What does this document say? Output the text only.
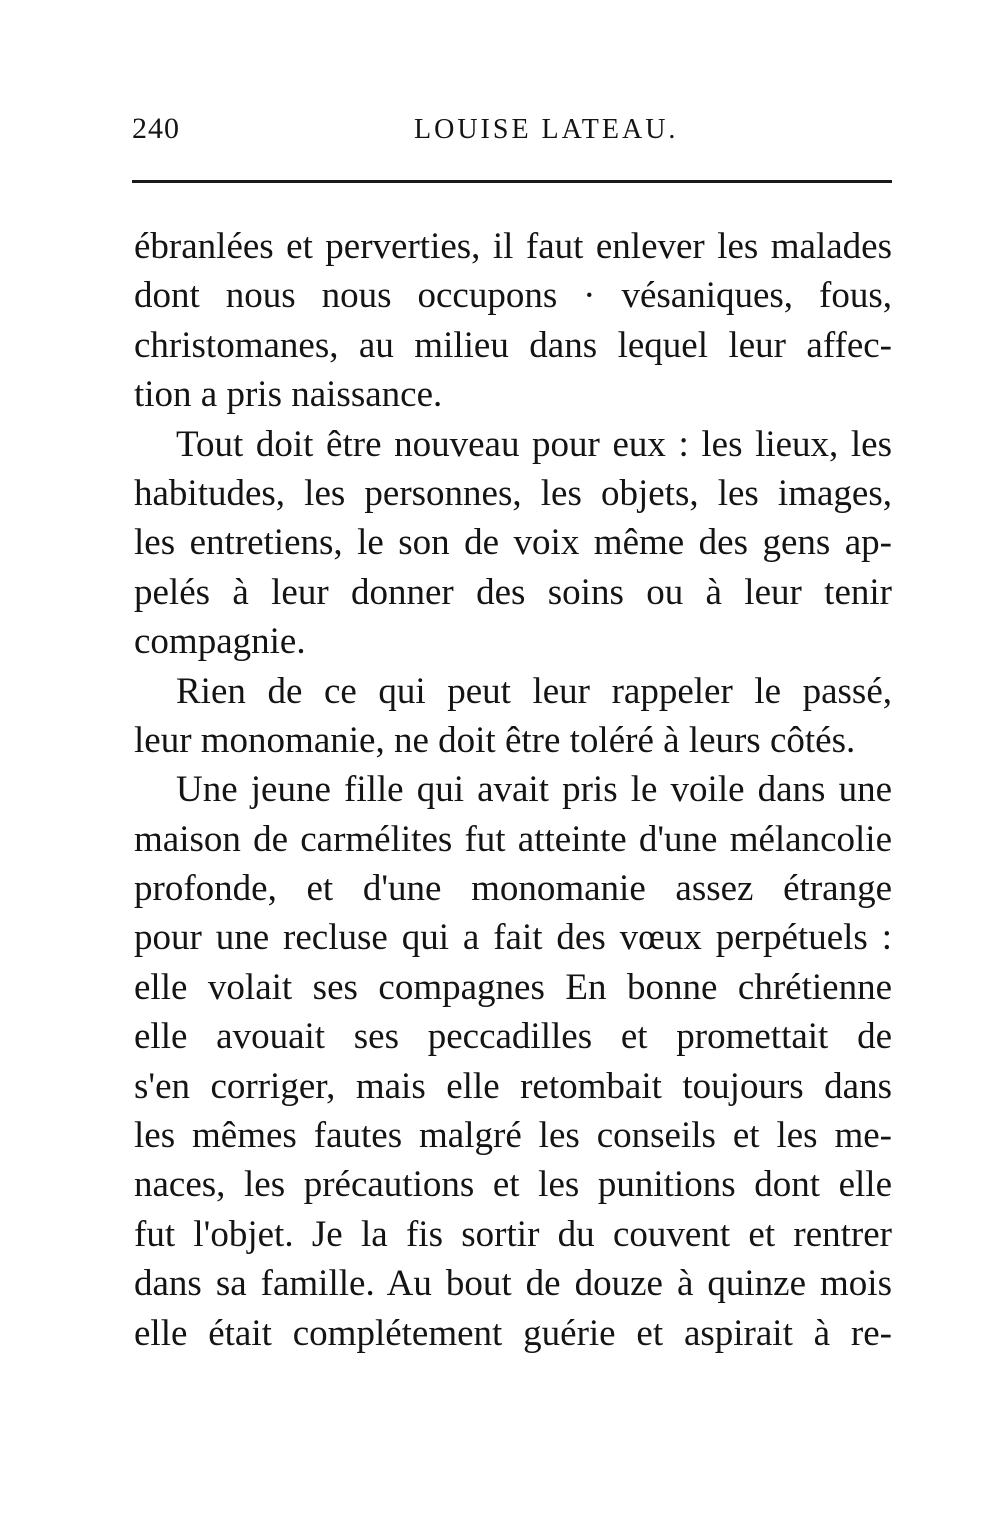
240	LOUISE LATEAU.
ébranlées et perverties, il faut enlever les malades
dont nous nous occupons · vésaniques, fous,
christomanes, au milieu dans lequel leur affec-
tion a pris naissance.
Tout doit être nouveau pour eux : les lieux, les
habitudes, les personnes, les objets, les images,
les entretiens, le son de voix même des gens ap-
pelés à leur donner des soins ou à leur tenir
compagnie.
Rien de ce qui peut leur rappeler le passé,
leur monomanie, ne doit être toléré à leurs côtés.
Une jeune fille qui avait pris le voile dans une
maison de carmélites fut atteinte d'une mélancolie
profonde, et d'une monomanie assez étrange
pour une recluse qui a fait des vœux perpétuels :
elle volait ses compagnes En bonne chrétienne
elle avouait ses peccadilles et promettait de
s'en corriger, mais elle retombait toujours dans
les mêmes fautes malgré les conseils et les me-
naces, les précautions et les punitions dont elle
fut l'objet. Je la fis sortir du couvent et rentrer
dans sa famille. Au bout de douze à quinze mois
elle était complétement guérie et aspirait à re-
